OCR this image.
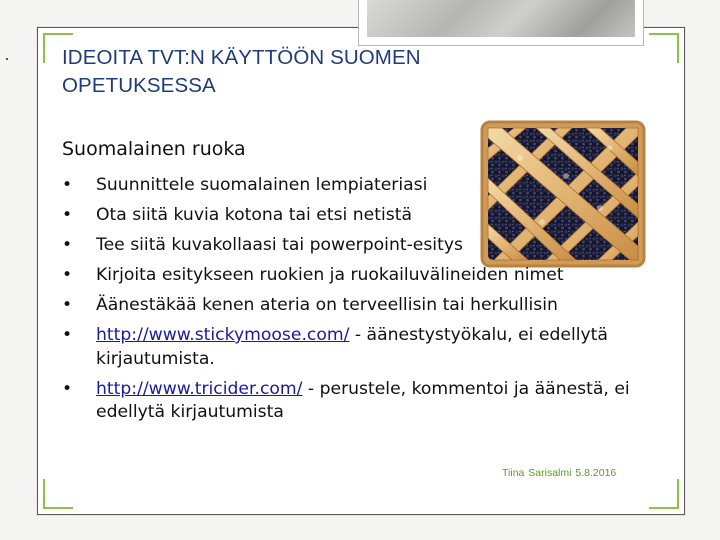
IDEOITA TVT:N KÄYTTÖÖN SUOMEN
OPETUKSESSA
Suomalainen ruoka
• Suunnittele suomalainen lempiateriasi
• Ota siitä kuvia kotona tai etsi netistä
• Tee siitä kuvakollaasi tai powerpoint-esitys
• Kirjoita esitykseen ruokien ja ruokailuvälineiden nimet
• Äänestäkää kenen ateria on terveellisin tai herkullisin
• http://www.stickymoose.com/ - äänestystyökalu, ei edellytä kirjautumista.
• http://www.tricider.com/ - perustele, kommentoi ja äänestä, ei edellytä kirjautumista
Tiina Sarisalmi 5.8.2016
